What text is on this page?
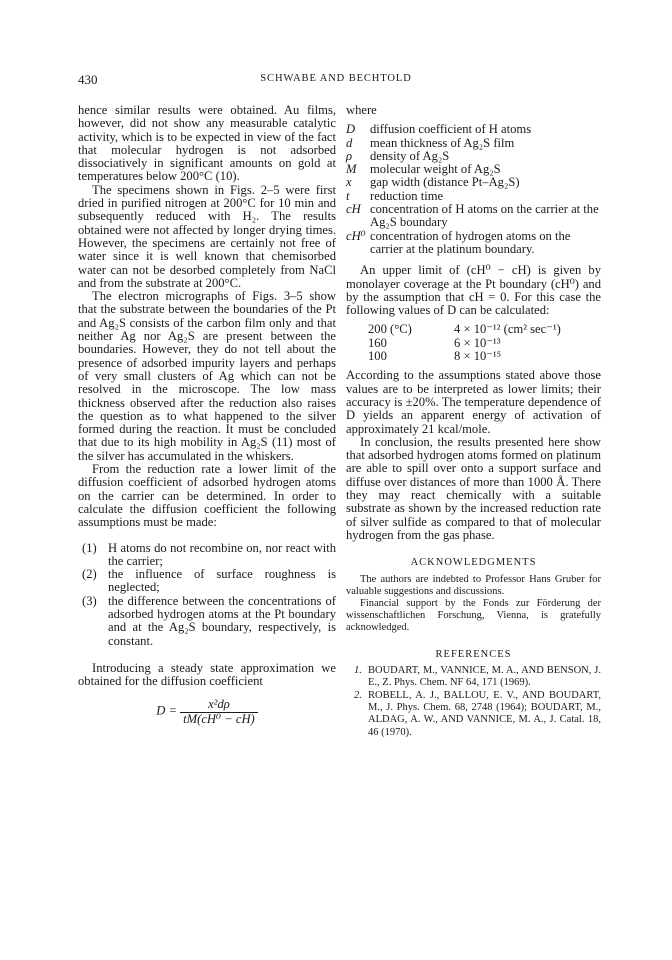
430	SCHWABE AND BECHTOLD

hence similar results were obtained. Au films, however, did not show any measurable catalytic activity, which is to be expected in view of the fact that molecular hydrogen is not adsorbed dissociatively in significant amounts on gold at temperatures below 200°C (10).

The specimens shown in Figs. 2–5 were first dried in purified nitrogen at 200°C for 10 min and subsequently reduced with H₂. The results obtained were not affected by longer drying times. However, the specimens are certainly not free of water since it is well known that chemisorbed water can not be desorbed completely from NaCl and from the substrate at 200°C.

The electron micrographs of Figs. 3–5 show that the substrate between the boundaries of the Pt and Ag₂S consists of the carbon film only and that neither Ag nor Ag₂S are present between the boundaries. However, they do not tell about the presence of adsorbed impurity layers and perhaps of very small clusters of Ag which can not be resolved in the microscope. The low mass thickness observed after the reduction also raises the question as to what happened to the silver formed during the reaction. It must be concluded that due to its high mobility in Ag₂S (11) most of the silver has accumulated in the whiskers.

From the reduction rate a lower limit of the diffusion coefficient of adsorbed hydrogen atoms on the carrier can be determined. In order to calculate the diffusion coefficient the following assumptions must be made:

(1) H atoms do not recombine on, nor react with the carrier;

(2) the influence of surface roughness is neglected;

(3) the difference between the concentrations of adsorbed hydrogen atoms at the Pt boundary and at the Ag₂S boundary, respectively, is constant.

Introducing a steady state approximation we obtained for the diffusion coefficient

$D = \frac{\text{x²dρ}}{\text{tM(cH⁰ − cH)}}$

where

D diffusion coefficient of H atoms
d mean thickness of Ag₂S film
ρ density of Ag₂S
M molecular weight of Ag₂S
x gap width (distance Pt–Ag₂S)
t reduction time
cH concentration of H atoms on the carrier at the Ag₂S boundary
cH⁰ concentration of hydrogen atoms on the carrier at the platinum boundary.

An upper limit of (cH⁰ − cH) is given by monolayer coverage at the Pt boundary (cH⁰) and by the assumption that cH = 0. For this case the following values of D can be calculated:

200 (°C)	4 × 10⁻¹² (cm² sec⁻¹)
160	6 × 10⁻¹³
100	8 × 10⁻¹⁵

According to the assumptions stated above those values are to be interpreted as lower limits; their accuracy is ±20%. The temperature dependence of D yields an apparent energy of activation of approximately 21 kcal/mole.

In conclusion, the results presented here show that adsorbed hydrogen atoms formed on platinum are able to spill over onto a support surface and diffuse over distances of more than 1000 Å. There they may react chemically with a suitable substrate as shown by the increased reduction rate of silver sulfide as compared to that of molecular hydrogen from the gas phase.

ACKNOWLEDGMENTS

The authors are indebted to Professor Hans Gruber for valuable suggestions and discussions.

Financial support by the Fonds zur Förderung der wissenschaftlichen Forschung, Vienna, is gratefully acknowledged.

REFERENCES
1. BOUDART, M., VANNICE, M. A., AND BENSON, J. E., Z. Phys. Chem. NF 64, 171 (1969).
2. ROBELL, A. J., BALLOU, E. V., AND BOUDART, M., J. Phys. Chem. 68, 2748 (1964); BOUDART, M., ALDAG, A. W., AND VANNICE, M. A., J. Catal. 18, 46 (1970).
